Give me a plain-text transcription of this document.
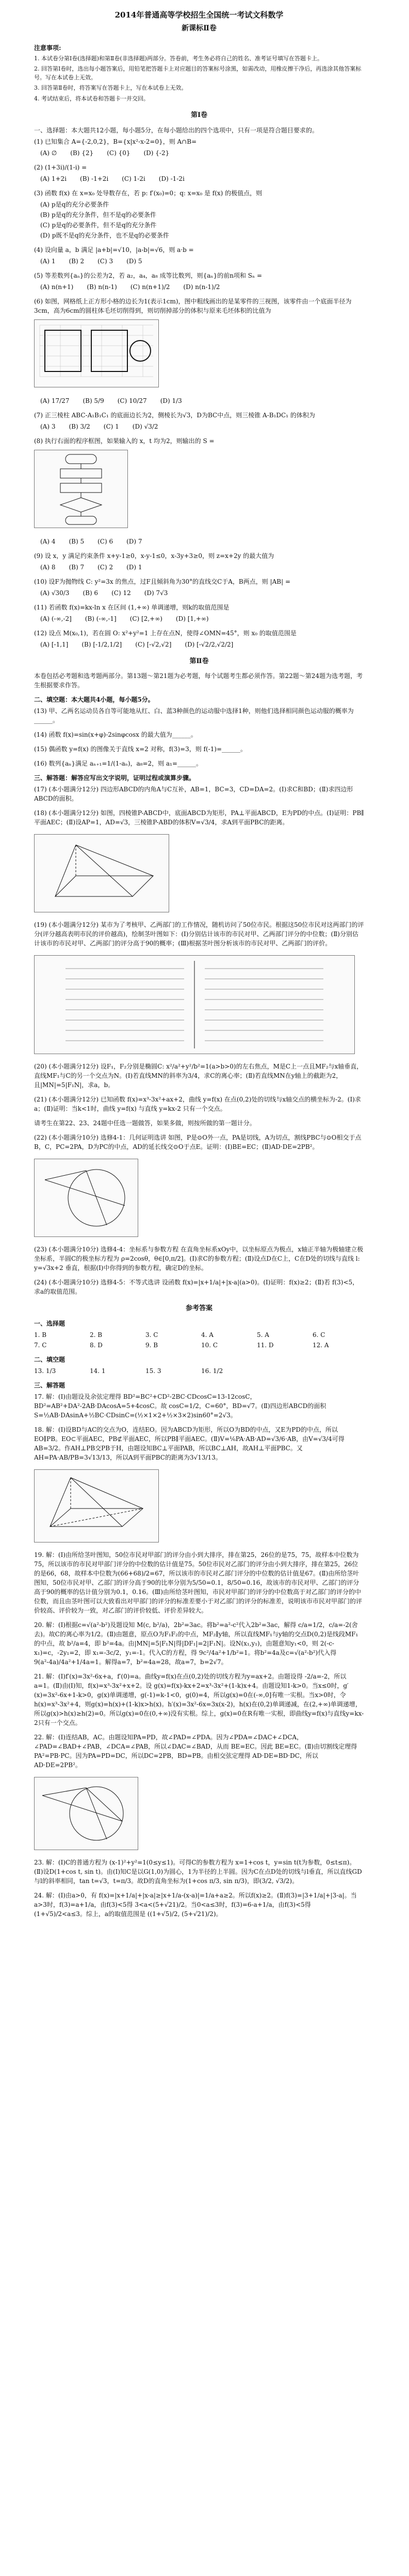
2014年普通高等学校招生全国统一考试文科数学
新课标Ⅱ卷
注意事项:

1. 本试卷分第Ⅰ卷(选择题)和第Ⅱ卷(非选择题)两部分。答卷前，考生务必将自己的姓名、准考证号填写在答题卡上。

2. 回答第Ⅰ卷时，选出每小题答案后，用铅笔把答题卡上对应题目的答案标号涂黑，如需改动，用橡皮擦干净后，再选涂其他答案标号。写在本试卷上无效。

3. 回答第Ⅱ卷时，将答案写在答题卡上，写在本试卷上无效。

4. 考试结束后，将本试卷和答题卡一并交回。

第Ⅰ卷

一、选择题：本大题共12小题，每小题5分，在每小题给出的四个选项中，只有一项是符合题目要求的。

(1) 已知集合 A={-2,0,2}，B={x|x²-x-2=0}，则 A∩B=

(A) ∅ (B) {2} (C) {0} (D) {-2}

(2) (1+3i)/(1-i) =

(A) 1+2i (B) -1+2i (C) 1-2i (D) -1-2i

(3) 函数 f(x) 在 x=x₀ 处导数存在，若 p: f′(x₀)=0；q: x=x₀ 是 f(x) 的极值点，则

(A) p是q的充分必要条件
(B) p是q的充分条件，但不是q的必要条件
(C) p是q的必要条件，但不是q的充分条件
(D) p既不是q的充分条件，也不是q的必要条件

(4) 设向量 a，b 满足 |a+b|=√10，|a-b|=√6，则 a·b =

(A) 1 (B) 2 (C) 3 (D) 5

(5) 等差数列{aₙ}的公差为2，若 a₂，a₄，a₈ 成等比数列，则{aₙ}的前n项和 Sₙ =

(A) n(n+1) (B) n(n-1) (C) n(n+1)/2 (D) n(n-1)/2

(6) 如图，网格纸上正方形小格的边长为1(表示1cm)，图中粗线画出的是某零件的三视图，该零件由一个底面半径为3cm，高为6cm的圆柱体毛坯切削得到，则切削掉部分的体积与原来毛坯体积的比值为

(A) 17/27 (B) 5/9 (C) 10/27 (D) 1/3

(7) 正三棱柱 ABC-A₁B₁C₁ 的底面边长为2，侧棱长为√3，D为BC中点，则三棱锥 A-B₁DC₁ 的体积为

(A) 3 (B) 3/2 (C) 1 (D) √3/2

(8) 执行右面的程序框图，如果输入的 x，t 均为2，则输出的 S =

(A) 4 (B) 5 (C) 6 (D) 7

(9) 设 x，y 满足约束条件 x+y-1≥0，x-y-1≤0，x-3y+3≥0，则 z=x+2y 的最大值为

(A) 8 (B) 7 (C) 2 (D) 1

(10) 设F为抛物线 C: y²=3x 的焦点，过F且倾斜角为30°的直线交C于A，B两点，则 |AB| =

(A) √30/3 (B) 6 (C) 12 (D) 7√3

(11) 若函数 f(x)=kx-ln x 在区间 (1,+∞) 单调递增，则k的取值范围是

(A) (-∞,-2] (B) (-∞,-1] (C) [2,+∞) (D) [1,+∞)

(12) 设点 M(x₀,1)，若在圆 O: x²+y²=1 上存在点N，使得∠OMN=45°，则 x₀ 的取值范围是

(A) [-1,1] (B) [-1/2,1/2] (C) [-√2,√2] (D) [-√2/2,√2/2]
第Ⅱ卷

本卷包括必考题和选考题两部分。第13题～第21题为必考题，每个试题考生都必须作答。第22题～第24题为选考题，考生根据要求作答。

二、填空题：本大题共4小题，每小题5分。

(13) 甲、乙两名运动员各自等可能地从红、白、蓝3种颜色的运动服中选择1种，则他们选择相同颜色运动服的概率为______。

(14) 函数 f(x)=sin(x+φ)-2sinφcosx 的最大值为______。

(15) 偶函数 y=f(x) 的图像关于直线 x=2 对称，f(3)=3，则 f(-1)=______。

(16) 数列{aₙ}满足 aₙ₊₁=1/(1-aₙ)，a₈=2，则 a₁=______。

三、解答题：解答应写出文字说明，证明过程或演算步骤。

(17) (本小题满分12分) 四边形ABCD的内角A与C互补，AB=1，BC=3，CD=DA=2。(Ⅰ)求C和BD；(Ⅱ)求四边形ABCD的面积。

(18) (本小题满分12分) 如图，四棱锥P-ABCD中，底面ABCD为矩形，PA⊥平面ABCD，E为PD的中点。(Ⅰ)证明：PB∥平面AEC；(Ⅱ)设AP=1，AD=√3，三棱锥P-ABD的体积V=√3/4，求A到平面PBC的距离。

(19) (本小题满分12分) 某市为了考核甲、乙两部门的工作情况，随机访问了50位市民。根据这50位市民对这两部门的评分(评分越高表明市民的评价越高)，绘制茎叶图如下：(Ⅰ)分别估计该市的市民对甲、乙两部门评分的中位数；(Ⅱ)分别估计该市的市民对甲、乙两部门的评分高于90的概率；(Ⅲ)根据茎叶图分析该市的市民对甲、乙两部门的评价。

(20) (本小题满分12分) 设F₁，F₂分别是椭圆C: x²/a²+y²/b²=1(a>b>0)的左右焦点，M是C上一点且MF₂与x轴垂直，直线MF₁与C的另一个交点为N。(Ⅰ)若直线MN的斜率为3/4，求C的离心率；(Ⅱ)若直线MN在y轴上的截距为2，且|MN|=5|F₁N|，求a，b。

(21) (本小题满分12分) 已知函数 f(x)=x³-3x²+ax+2，曲线 y=f(x) 在点(0,2)处的切线与x轴交点的横坐标为-2。(Ⅰ)求a；(Ⅱ)证明：当k<1时，曲线 y=f(x) 与直线 y=kx-2 只有一个交点。

请考生在第22、23、24题中任选一题做答，如果多做，则按所做的第一题计分。

(22) (本小题满分10分) 选修4-1：几何证明选讲 如图，P是⊙O外一点，PA是切线，A为切点，割线PBC与⊙O相交于点B，C，PC=2PA，D为PC的中点，AD的延长线交⊙O于点E。证明：(Ⅰ)BE=EC；(Ⅱ)AD·DE=2PB²。

(23) (本小题满分10分) 选修4-4：坐标系与参数方程 在直角坐标系xOy中，以坐标原点为极点，x轴正半轴为极轴建立极坐标系，半圆C的极坐标方程为 ρ=2cosθ，θ∈[0,π/2]。(Ⅰ)求C的参数方程；(Ⅱ)设点D在C上，C在D处的切线与直线 l: y=√3x+2 垂直，根据(Ⅰ)中你得到的参数方程，确定D的坐标。

(24) (本小题满分10分) 选修4-5：不等式选讲 设函数 f(x)=|x+1/a|+|x-a|(a>0)。(Ⅰ)证明：f(x)≥2；(Ⅱ)若 f(3)<5，求a的取值范围。

参考答案
一、选择题
1. B	2. B	3. C	4. A	5. A	6. C
7. C	8. D	9. B	10. C	11. D	12. A
二、填空题
13. 1/3	14. 1	15. 3	16. 1/2
三、解答题

17. 解：(Ⅰ)由题设及余弦定理得 BD²=BC²+CD²-2BC·CDcosC=13-12cosC，BD²=AB²+DA²-2AB·DAcosA=5+4cosC。故 cosC=1/2，C=60°，BD=√7。(Ⅱ)四边形ABCD的面积 S=½AB·DAsinA+½BC·CDsinC=(½×1×2+½×3×2)sin60°=2√3。

18. 解：(Ⅰ)设BD与AC的交点为O，连结EO。因为ABCD为矩形，所以O为BD的中点，又E为PD的中点，所以EO∥PB。EO⊂平面AEC，PB⊄平面AEC，所以PB∥平面AEC。(Ⅱ)V=⅙PA·AB·AD=√3/6·AB，由V=√3/4可得AB=3/2。作AH⊥PB交PB于H，由题设知BC⊥平面PAB，所以BC⊥AH，故AH⊥平面PBC。又 AH=PA·AB/PB=3√13/13，所以A到平面PBC的距离为3√13/13。

19. 解：(Ⅰ)由所给茎叶图知，50位市民对甲部门的评分由小到大排序，排在第25，26位的是75，75，故样本中位数为75，所以该市的市民对甲部门评分的中位数的估计值是75。50位市民对乙部门的评分由小到大排序，排在第25，26位的是66，68，故样本中位数为(66+68)/2=67，所以该市的市民对乙部门评分的中位数的估计值是67。(Ⅱ)由所给茎叶图知，50位市民对甲、乙部门的评分高于90的比率分别为5/50=0.1，8/50=0.16，故该市的市民对甲、乙部门的评分高于90的概率的估计值分别为0.1，0.16。(Ⅲ)由所给茎叶图知，市民对甲部门的评分的中位数高于对乙部门的评分的中位数，而且由茎叶图可以大致看出对甲部门的评分的标准差要小于对乙部门的评分的标准差，说明该市市民对甲部门的评价较高、评价较为一致，对乙部门的评价较低、评价差异较大。

20. 解：(Ⅰ)根据c=√(a²-b²)及题设知 M(c, b²/a)，2b²=3ac。将b²=a²-c²代入2b²=3ac，解得 c/a=1/2，c/a=-2(舍去)。故C的离心率为1/2。(Ⅱ)由题意，原点O为F₁F₂的中点，MF₂∥y轴，所以直线MF₁与y轴的交点D(0,2)是线段MF₁的中点，故 b²/a=4，即 b²=4a。由|MN|=5|F₁N|得|DF₁|=2|F₁N|。设N(x₁,y₁)，由题意知y₁<0，则 2(-c-x₁)=c，-2y₁=2，即 x₁=-3c/2，y₁=-1。代入C的方程，得 9c²/4a²+1/b²=1。将b²=4a及c=√(a²-b²)代入得 9(a²-4a)/4a²+1/4a=1。解得a=7，b²=4a=28，故a=7，b=2√7。

21. 解：(Ⅰ)f′(x)=3x²-6x+a，f′(0)=a。曲线y=f(x)在点(0,2)处的切线方程为y=ax+2。由题设得 -2/a=-2，所以a=1。(Ⅱ)由(Ⅰ)知，f(x)=x³-3x²+x+2。设 g(x)=f(x)-kx+2=x³-3x²+(1-k)x+4。由题设知1-k>0。当x≤0时，g′(x)=3x²-6x+1-k>0，g(x)单调递增，g(-1)=k-1<0，g(0)=4，所以g(x)=0在(-∞,0]有唯一实根。当x>0时，令h(x)=x³-3x²+4，则g(x)=h(x)+(1-k)x>h(x)。h′(x)=3x²-6x=3x(x-2)，h(x)在(0,2)单调递减，在(2,+∞)单调递增，所以g(x)>h(x)≥h(2)=0。所以g(x)=0在(0,+∞)没有实根。综上，g(x)=0在R有唯一实根，即曲线y=f(x)与直线y=kx-2只有一个交点。

22. 解：(Ⅰ)连结AB，AC。由题设知PA=PD，故∠PAD=∠PDA。因为∠PDA=∠DAC+∠DCA，∠PAD=∠BAD+∠PAB，∠DCA=∠PAB，所以∠DAC=∠BAD，从而 BE=EC。因此 BE=EC。(Ⅱ)由切割线定理得 PA²=PB·PC。因为PA=PD=DC，所以DC=2PB，BD=PB。由相交弦定理得 AD·DE=BD·DC，所以 AD·DE=2PB²。

23. 解：(Ⅰ)C的普通方程为 (x-1)²+y²=1(0≤y≤1)。可得C的参数方程为 x=1+cos t，y=sin t(t为参数，0≤t≤π)。(Ⅱ)设D(1+cos t, sin t)。由(Ⅰ)知C是以G(1,0)为圆心，1为半径的上半圆。因为C在点D处的切线与l垂直，所以直线GD与l的斜率相同，tan t=√3，t=π/3。故D的直角坐标为(1+cos π/3, sin π/3)，即(3/2, √3/2)。

24. 解：(Ⅰ)由a>0，有 f(x)=|x+1/a|+|x-a|≥|x+1/a-(x-a)|=1/a+a≥2。所以f(x)≥2。(Ⅱ)f(3)=|3+1/a|+|3-a|。当a>3时，f(3)=a+1/a，由f(3)<5得 3<a<(5+√21)/2。当0<a≤3时，f(3)=6-a+1/a，由f(3)<5得 (1+√5)/2<a≤3。综上，a的取值范围是 ((1+√5)/2, (5+√21)/2)。
